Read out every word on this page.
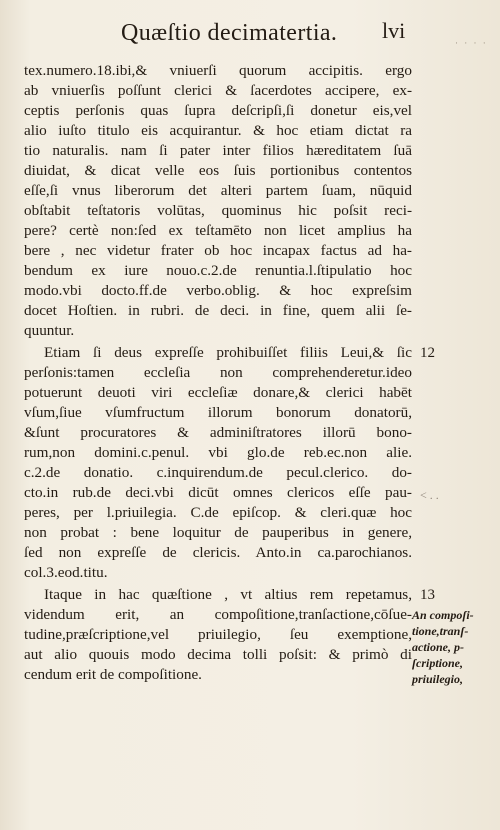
Quæſtio decimatertia. lvi	· · · ·
tex.numero.18.ibi,& vniuerſi quorum accipitis. ergo
ab vniuerſis poſſunt clerici & ſacerdotes accipere, ex-
ceptis perſonis quas ſupra deſcripſi,ſi donetur eis,vel
alio iuſto titulo eis acquirantur. & hoc etiam dictat ra
tio naturalis. nam ſi pater inter filios hæreditatem ſuā
diuidat, & dicat velle eos ſuis portionibus contentos
eſſe,ſi vnus liberorum det alteri partem ſuam, nūquid
obſtabit teſtatoris volūtas, quominus hic poſsit reci-
pere? certè non:ſed ex teſtamēto non licet amplius ha
bere , nec videtur frater ob hoc incapax factus ad ha-
bendum ex iure nouo.c.2.de renuntia.l.ſtipulatio hoc
modo.vbi docto.ff.de verbo.oblig. & hoc expreſsim
docet Hoſtien. in rubri. de deci. in fine, quem alii ſe-
quuntur.
Etiam ſi deus expreſſe prohibuiſſet filiis Leui,& ſic
perſonis:tamen eccleſia non comprehenderetur.ideo
potuerunt deuoti viri eccleſiæ donare,& clerici habēt
vſum,ſiue vſumfructum illorum bonorum donatorū,
&ſunt procuratores & adminiſtratores illorū bono-
rum,non domini.c.penul. vbi glo.de reb.ec.non alie.
c.2.de donatio. c.inquirendum.de pecul.clerico. do-
cto.in rub.de deci.vbi dicūt omnes clericos eſſe pau-
peres, per l.priuilegia. C.de epiſcop. & cleri.quæ hoc
non probat : bene loquitur de pauperibus in genere,
ſed non expreſſe de clericis. Anto.in ca.parochianos.
col.3.eod.titu.
Itaque in hac quæſtione , vt altius rem repetamus,
videndum erit, an compoſitione,tranſactione,cōſue-
tudine,præſcriptione,vel priuilegio, ſeu exemptione,
aut alio quouis modo decima tolli poſsit: & primò di
cendum erit de compoſitione.
12
13
An compoſi-
tione,tranſ-
actione, p-
ſcriptione,
priuilegio,
< . .
